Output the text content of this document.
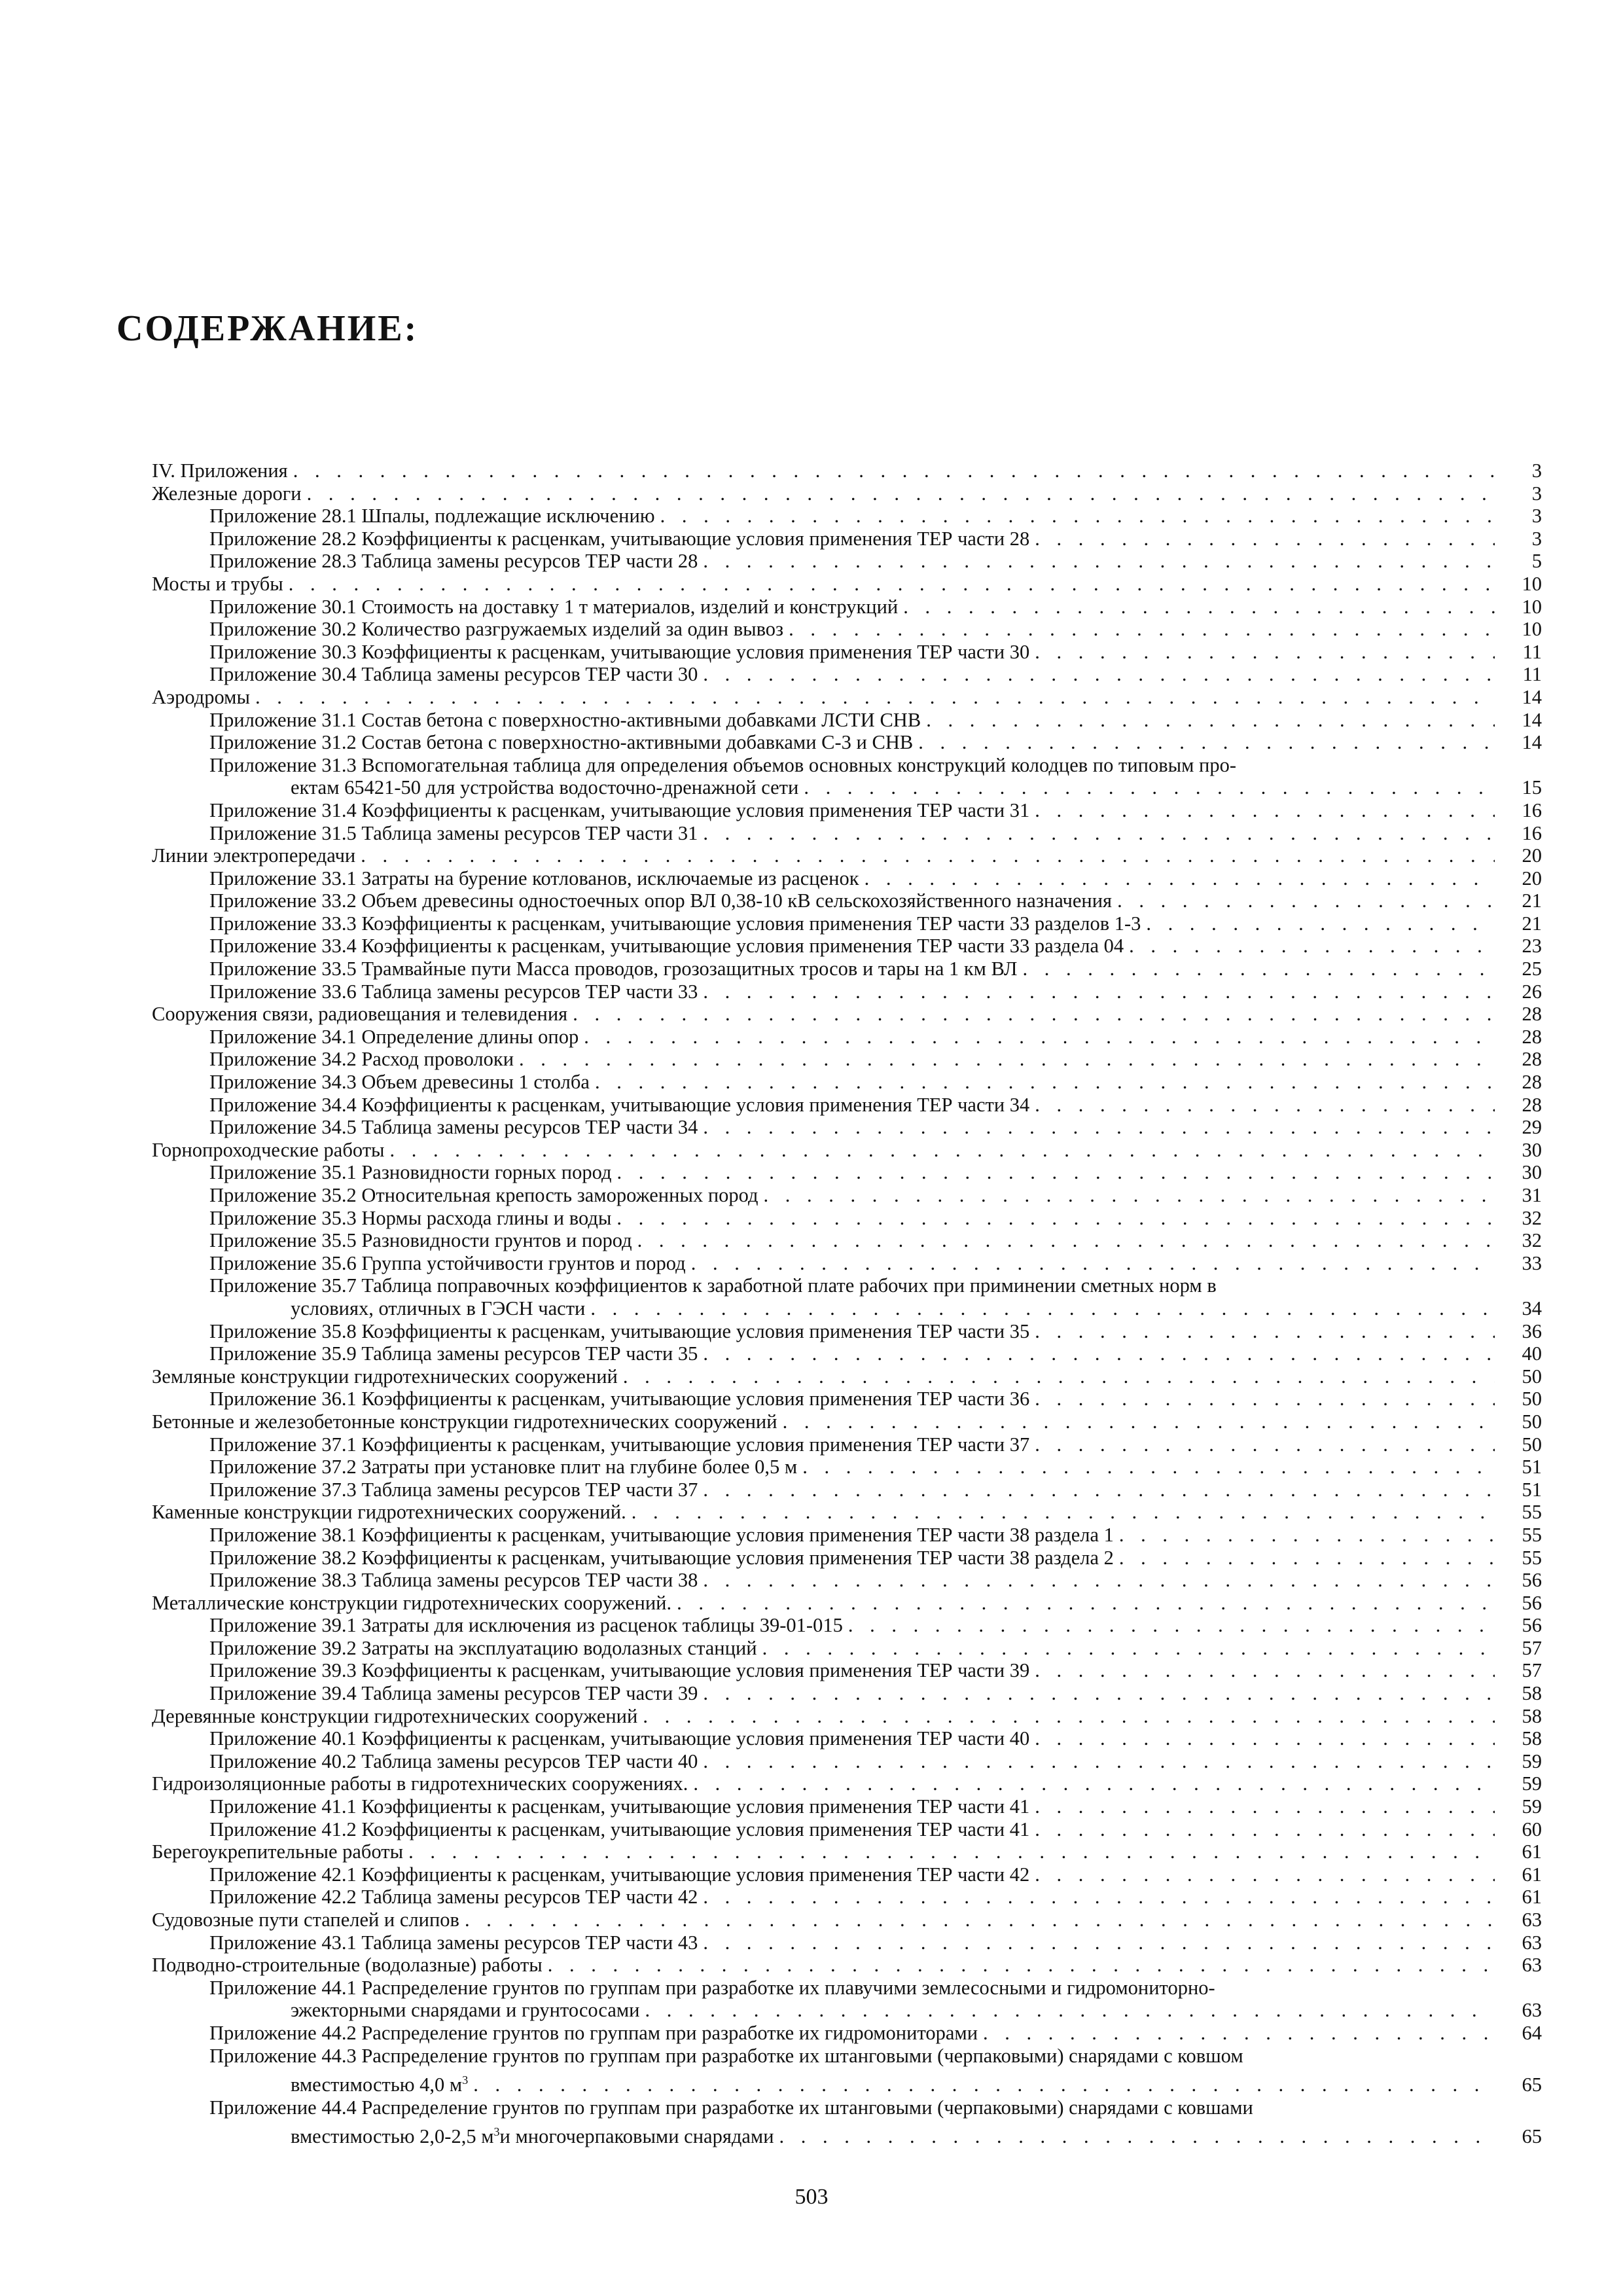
СОДЕРЖАНИЕ:
IV. Приложения . . .	3
Железные дороги . . .	3
Приложение 28.1 Шпалы, подлежащие исключению . . .	3
Приложение 28.2 Коэффициенты к расценкам, учитывающие условия применения ТЕР части 28 . . .	3
Приложение 28.3 Таблица замены ресурсов ТЕР части 28 . . .	5
Мосты и трубы . . .	10
Приложение 30.1 Стоимость на доставку 1 т материалов, изделий и конструкций . . .	10
Приложение 30.2 Количество разгружаемых изделий за один вывоз . . .	10
Приложение 30.3 Коэффициенты к расценкам, учитывающие условия применения ТЕР части 30 . . .	11
Приложение 30.4 Таблица замены ресурсов ТЕР части 30 . . .	11
Аэродромы . . .	14
Приложение 31.1 Состав бетона с поверхностно-активными добавками ЛСТИ СНВ . . .	14
Приложение 31.2 Состав бетона с поверхностно-активными добавками С-3 и СНВ . . .	14
Приложение 31.3 Вспомогательная таблица для определения объемов основных конструкций колодцев по типовым про-
ектам 65421-50 для устройства водосточно-дренажной сети . . .	15
Приложение 31.4 Коэффициенты к расценкам, учитывающие условия применения ТЕР части 31 . . .	16
Приложение 31.5 Таблица замены ресурсов ТЕР части 31 . . .	16
Линии электропередачи . . .	20
Приложение 33.1 Затраты на бурение котлованов, исключаемые из расценок . . .	20
Приложение 33.2 Объем древесины одностоечных опор ВЛ 0,38-10 кВ сельскохозяйственного назначения . . .	21
Приложение 33.3 Коэффициенты к расценкам, учитывающие условия применения ТЕР части 33 разделов 1-3 . . .	21
Приложение 33.4 Коэффициенты к расценкам, учитывающие условия применения ТЕР части 33 раздела 04 . . .	23
Приложение 33.5 Трамвайные пути Масса проводов, грозозащитных тросов и тары на 1 км ВЛ . . .	25
Приложение 33.6 Таблица замены ресурсов ТЕР части 33 . . .	26
Сооружения связи, радиовещания и телевидения . . .	28
Приложение 34.1 Определение длины опор . . .	28
Приложение 34.2 Расход проволоки . . .	28
Приложение 34.3 Объем древесины 1 столба . . .	28
Приложение 34.4 Коэффициенты к расценкам, учитывающие условия применения ТЕР части 34 . . .	28
Приложение 34.5 Таблица замены ресурсов ТЕР части 34 . . .	29
Горнопроходческие работы . . .	30
Приложение 35.1 Разновидности горных пород . . .	30
Приложение 35.2 Относительная крепость замороженных пород . . .	31
Приложение 35.3 Нормы расхода глины и воды . . .	32
Приложение 35.5 Разновидности грунтов и пород . . .	32
Приложение 35.6 Группа устойчивости грунтов и пород . . .	33
Приложение 35.7 Таблица поправочных коэффициентов к заработной плате рабочих при приминении сметных норм в
условиях, отличных в ГЭСН части . . .	34
Приложение 35.8 Коэффициенты к расценкам, учитывающие условия применения ТЕР части 35 . . .	36
Приложение 35.9 Таблица замены ресурсов ТЕР части 35 . . .	40
Земляные конструкции гидротехнических сооружений . . .	50
Приложение 36.1 Коэффициенты к расценкам, учитывающие условия применения ТЕР части 36 . . .	50
Бетонные и железобетонные конструкции гидротехнических сооружений . . .	50
Приложение 37.1 Коэффициенты к расценкам, учитывающие условия применения ТЕР части 37 . . .	50
Приложение 37.2 Затраты при установке плит на глубине более 0,5 м . . .	51
Приложение 37.3 Таблица замены ресурсов ТЕР части 37 . . .	51
Каменные конструкции гидротехнических сооружений. . . .	55
Приложение 38.1 Коэффициенты к расценкам, учитывающие условия применения ТЕР части 38 раздела 1 . . .	55
Приложение 38.2 Коэффициенты к расценкам, учитывающие условия применения ТЕР части 38 раздела 2 . . .	55
Приложение 38.3 Таблица замены ресурсов ТЕР части 38 . . .	56
Металлические конструкции гидротехнических сооружений. . . .	56
Приложение 39.1 Затраты для исключения из расценок таблицы 39-01-015 . . .	56
Приложение 39.2 Затраты на эксплуатацию водолазных станций . . .	57
Приложение 39.3 Коэффициенты к расценкам, учитывающие условия применения ТЕР части 39 . . .	57
Приложение 39.4 Таблица замены ресурсов ТЕР части 39 . . .	58
Деревянные конструкции гидротехнических сооружений . . .	58
Приложение 40.1 Коэффициенты к расценкам, учитывающие условия применения ТЕР части 40 . . .	58
Приложение 40.2 Таблица замены ресурсов ТЕР части 40 . . .	59
Гидроизоляционные работы в гидротехнических сооружениях. . . .	59
Приложение 41.1 Коэффициенты к расценкам, учитывающие условия применения ТЕР части 41 . . .	59
Приложение 41.2 Коэффициенты к расценкам, учитывающие условия применения ТЕР части 41 . . .	60
Берегоукрепительные работы . . .	61
Приложение 42.1 Коэффициенты к расценкам, учитывающие условия применения ТЕР части 42 . . .	61
Приложение 42.2 Таблица замены ресурсов ТЕР части 42 . . .	61
Судовозные пути стапелей и слипов . . .	63
Приложение 43.1 Таблица замены ресурсов ТЕР части 43 . . .	63
Подводно-строительные (водолазные) работы . . .	63
Приложение 44.1 Распределение грунтов по группам при разработке их плавучими землесосными и гидромониторно-
эжекторными снарядами и грунтососами . . .	63
Приложение 44.2 Распределение грунтов по группам при разработке их гидромониторами . . .	64
Приложение 44.3 Распределение грунтов по группам при разработке их штанговыми (черпаковыми) снарядами с ковшом
вместимостью 4,0 $м^3$ . . .	65
Приложение 44.4 Распределение грунтов по группам при разработке их штанговыми (черпаковыми) снарядами с ковшами
вместимостью 2,0-2,5 $м^3и$ многочерпаковыми снарядами . . .	65
503
